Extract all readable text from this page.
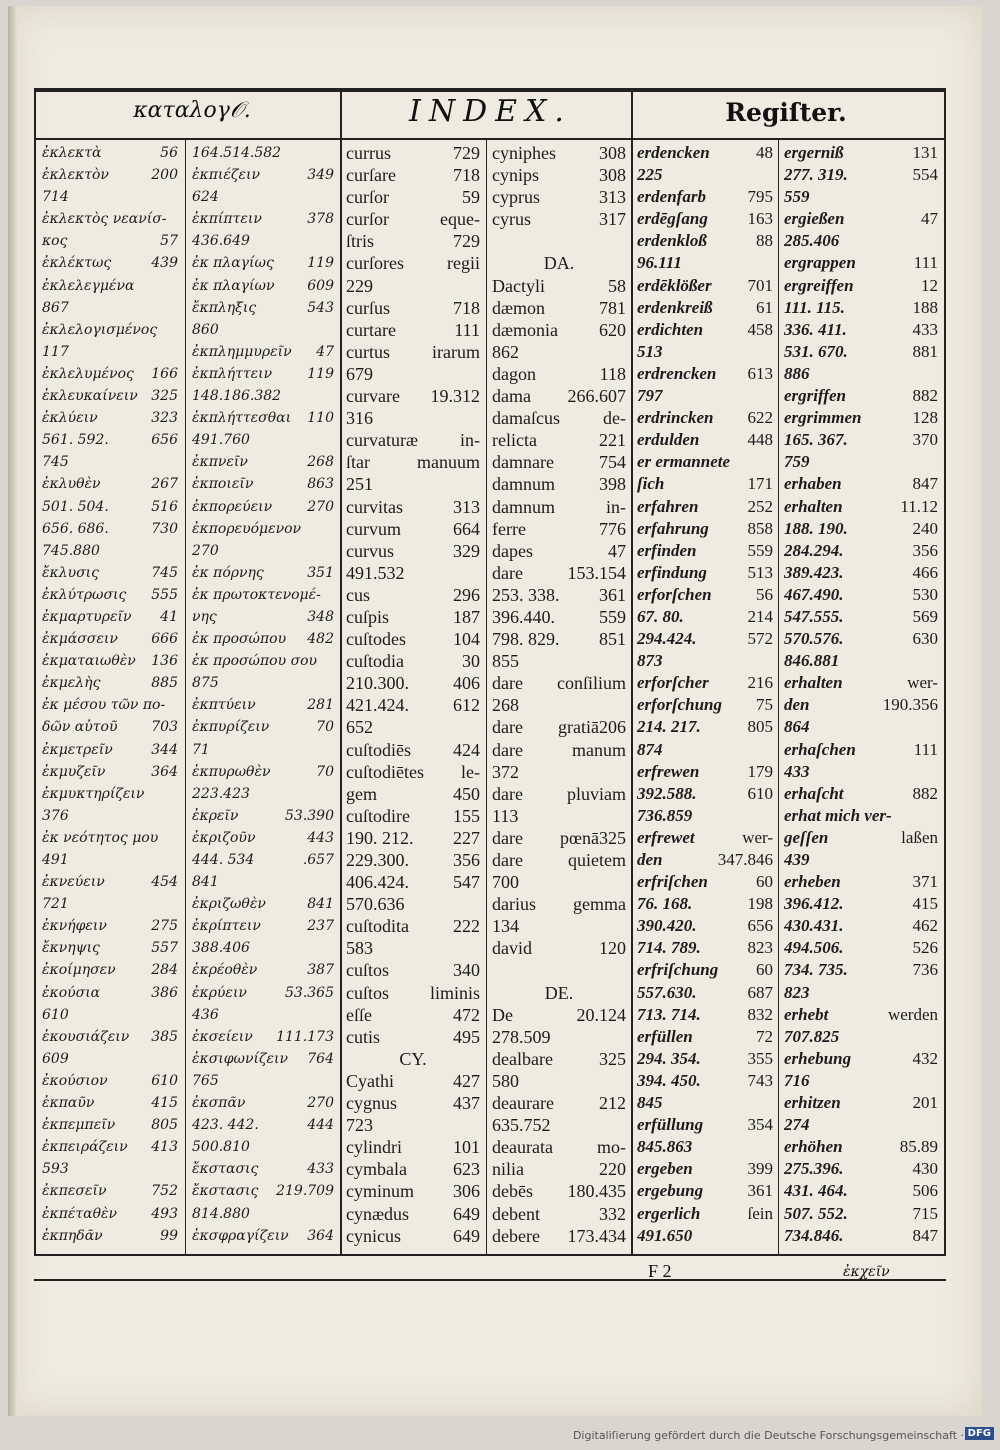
καταλογ𝒪.	INDEX.	Regiſter.
ἐκλεκτὰ	56
ἐκλεκτὸν	200
714
ἐκλεκτὸς νεανίσ-
κος	57
ἐκλέκτως	439
ἐκλελεγμένα
867
ἐκλελογισμένος
117
ἐκλελυμένος 166
ἐκλευκαίνειν 325
ἐκλύειν	323
561. 592.	656
745
ἐκλυθὲν	267
501. 504.	516
656. 686.	730
745.880
ἔκλυσις	745
ἐκλύτρωσις 555
ἐκμαρτυρεῖν 41
ἐκμάσσειν 666
ἐκματαιωθὲν 136
ἐκμελὴς	885
ἐκ μέσου τῶν πο-
δῶν αὐτοῦ 703
ἐκμετρεῖν	344
ἐκμυζεῖν	364
ἐκμυκτηρίζειν
376
ἐκ νεότητος μου
491
ἐκνεύειν	454
721
ἐκνήφειν	275
ἔκνηψις	557
ἐκοίμησεν	284
ἐκούσια	386
610
ἐκουσιάζειν 385
609
ἐκούσιον	610
ἐκπαῦν	415
ἐκπεμπεῖν	805
ἐκπειράζειν 413
593
ἐκπεσεῖν	752
ἐκπέταθὲν 493
ἐκπηδᾶν	99
164.514.582
ἐκπιέζειν	349
624
ἐκπίπτειν	378
436.649
ἐκ πλαγίως 119
ἐκ πλαγίων 609
ἔκπληξις	543
860
ἐκπλημμυρεῖν 47
ἐκπλήττειν	119
148.186.382
ἐκπλήττεσθαι 110
491.760
ἐκπνεῖν	268
ἐκποιεῖν	863
ἐκπορεύειν	270
ἐκπορευόμενον
270
ἐκ πόρνης	351
ἐκ πρωτοκτενομέ-
νης	348
ἐκ προσώπου 482
ἐκ προσώπου σου
875
ἐκπτύειν	281
ἐκπυρίζειν	70
71
ἐκπυρωθὲν	70
223.423
ἐκρεῖν	53.390
ἐκριζοῦν	443
444. 534	.657
841
ἐκριζωθὲν	841
ἐκρίπτειν	237
388.406
ἐκρέοθὲν	387
ἐκρύειν	53.365
436
ἐκσείειν 111.173
ἐκσιφωνίζειν 764
765
ἐκσπᾶν	270
423. 442.	444
500.810
ἔκστασις	433
ἔκστασις 219.709
814.880
ἐκσφραγίζειν 364
currus	729
curſare	718
curſor	59
curſor	eque-
ſtris	729
curſores regii
229
curſus	718
curtare	111
curtus irarum
679
curvare 19.312
316
curvaturæ in-
ſtar	manuum
251
curvitas	313
curvum	664
curvus	329
491.532
cus	296
cuſpis	187
cuſtodes	104
cuſtodia	30
210.300. 406
421.424. 612
652
cuſtodiēs 424
cuſtodiētes le-
gem	450
cuſtodire 155
190. 212. 227
229.300. 356
406.424. 547
570.636
cuſtodita 222
583
cuſtos	340
cuſtos liminis
eſſe	472
cutis	495
CY.
Cyathi	427
cygnus	437
723
cylindri	101
cymbala	623
cyminum 306
cynædus 649
cynicus	649
cyniphes 308
cynips	308
cyprus	313
cyrus	317
DA.
Dactyli	58
dæmon	781
dæmonia 620
862
dagon	118
dama 266.607
damaſcus de-
relicta	221
damnare	754
damnum 398
damnum	in-
ferre	776
dapes	47
dare 153.154
253. 338. 361
396.440. 559
798. 829. 851
855
dare conſilium
268
dare gratiā206
dare	manum
372
dare pluviam
113
dare pœnā325
dare	quietem
700
darius gemma
134
david	120
DE.
De	20.124
278.509
dealbare	325
580
deaurare	212
635.752
deaurata mo-
nilia	220
debēs 180.435
debent	332
debere 173.434
erdencken	48
225
erdenfarb 795
erdēgſang 163
erdenkloß	88
96.111
erdēklößer 701
erdenkreiß	61
erdichten	458
513
erdrencken 613
797
erdrincken 622
erdulden	448
er ermannete
ſich	171
erfahren	252
erfahrung 858
erfinden	559
erfindung 513
erforſchen	56
67. 80.	214
294.424.	572
873
erforſcher 216
erforſchung 75
214. 217.	805
874
erfrewen	179
392.588.	610
736.859
erfrewet	wer-
den	347.846
erfriſchen	60
76. 168.	198
390.420.	656
714. 789.	823
erfriſchung 60
557.630.	687
713. 714.	832
erfüllen	72
294. 354.	355
394. 450.	743
845
erfüllung	354
845.863
ergeben	399
ergebung	361
ergerlich	ſein
491.650
ergerniß	131
277. 319.	554
559
ergießen	47
285.406
ergrappen	111
ergreiffen	12
111. 115.	188
336. 411.	433
531. 670.	881
886
ergriffen	882
ergrimmen	128
165. 367.	370
759
erhaben	847
erhalten	11.12
188. 190.	240
284.294.	356
389.423.	466
467.490.	530
547.555.	569
570.576.	630
846.881
erhalten	wer-
den	190.356
864
erhaſchen	111
433
erhaſcht	882
erhat mich ver-
geſſen	laßen
439
erheben	371
396.412.	415
430.431.	462
494.506.	526
734. 735.	736
823
erhebt	werden
707.825
erhebung	432
716
erhitzen	201
274
erhöhen	85.89
275.396.	430
431. 464.	506
507. 552.	715
734.846.	847
F 2	ἐκχεῖν
Digitaliſierung gefördert durch die Deutsche Forschungsgemeinschaft · DFG
